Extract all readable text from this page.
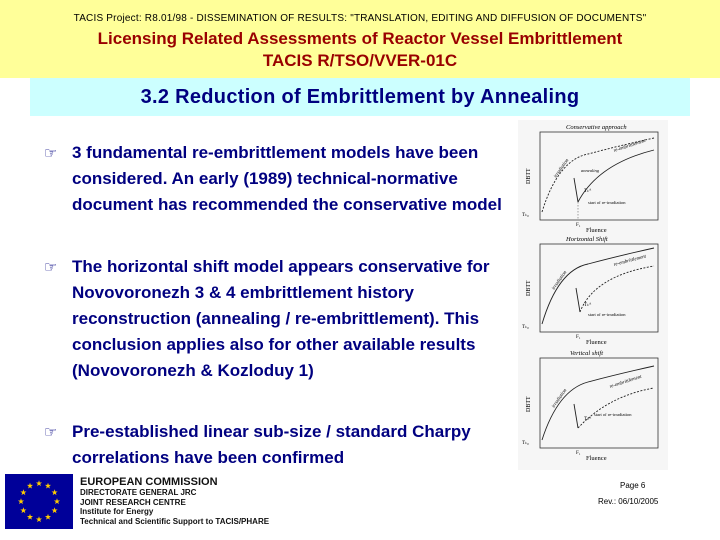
TACIS Project: R8.01/98 - DISSEMINATION OF RESULTS: "TRANSLATION, EDITING AND DIFFUSION OF DOCUMENTS"
Licensing Related Assessments of Reactor Vessel Embrittlement
TACIS R/TSO/VVER-01C
3.2 Reduction of Embrittlement by Annealing
☞ 3 fundamental re-embrittlement models have been considered. An early (1989) technical-normative document has recommended the conservative model
☞ The horizontal shift model appears conservative for Novovoronezh 3 & 4 embrittlement history reconstruction (annealing / re-embrittlement). This conclusion applies also for other available results (Novovoronezh & Kozloduy 1)
☞ Pre-established linear sub-size / standard Charpy correlations have been confirmed
Conservative approach
DBTT
Fluence
re-embrittlement
irradiation annealing
Tₖᴬ
start of re-irradiation
Tₖ₀
F₁
Horizontal Shift
DBTT
Fluence
irradiation
re-embrittlement
Tₖᴬ
start of re-irradiation
Tₖ₀
F₁
Vertical shift
DBTT
Fluence
irradiation
re-embrittlement
Tₖᴬ
start of re-irradiation
Tₖ₀
F₁
EUROPEAN COMMISSION
DIRECTORATE GENERAL JRC
JOINT RESEARCH CENTRE
Institute for Energy
Technical and Scientific Support to TACIS/PHARE
Page 6
Rev.: 06/10/2005
